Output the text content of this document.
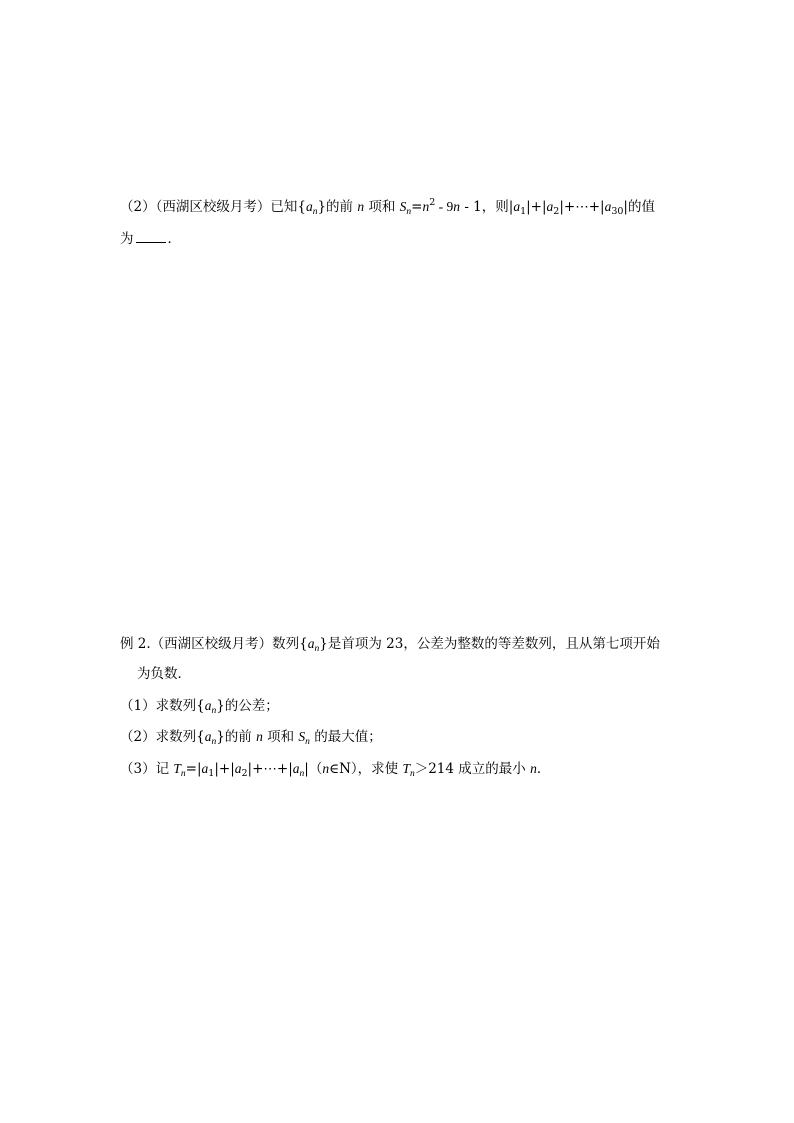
（2）（西湖区校级月考）已知$\{a_n\}$的前 n 项和 $S_n=n^2 - 9n - 1$，则$|a_1|+|a_2|+\cdots+|a_{30}|$的值
为	．
例 2.（西湖区校级月考）数列$\{a_n\}$是首项为 23，公差为整数的等差数列，且从第七项开始
为负数．
（1）求数列$\{a_n\}$的公差；
（2）求数列$\{a_n\}$的前 n 项和 $S_n$ 的最大值；
（3）记 $T_n=|a_1|+|a_2|+\cdots+|a_n|(n\in N)$，求使 $T_n>214$ 成立的最小 n．
